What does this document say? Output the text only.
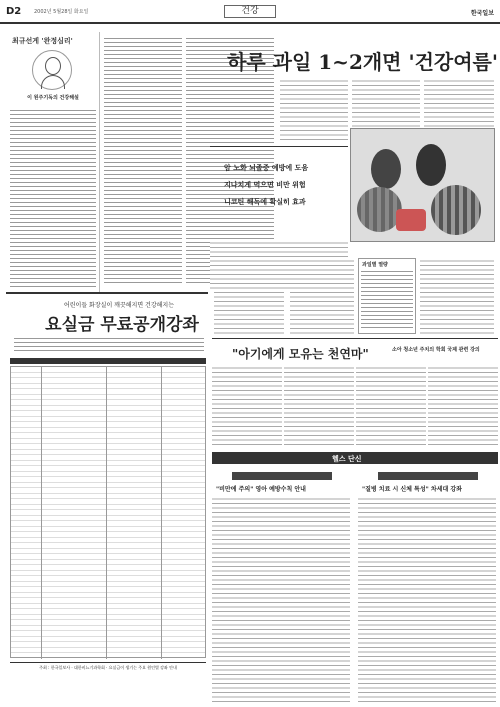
D2	2002년 5월28일 화요일	건강	한국일보
최규선게 '완정심리'
이 원주기독의 건강해설
하루 과일 1~2개면 '건강여름'
암 노화 뇌졸중 예방에 도움
지나치게 먹으면 비만 위험
니코틴 해독에 확실히 효과
과일별 열량
어린이들 화장실이 깨끗해지면 건강해지는
요실금 무료공개강좌
주최 : 한국일보사 · 대한비뇨기과학회 · 요실금이 생기는 주요 원인별 강좌 안내
"아기에게 모유는 천연마"	소아 청소년 주치의 학회 국제 관련 강의
헬스 단신
"비만에 주의" 영아 예방수칙 안내	"질병 치료 시 신체 특성" 차세대 강좌
